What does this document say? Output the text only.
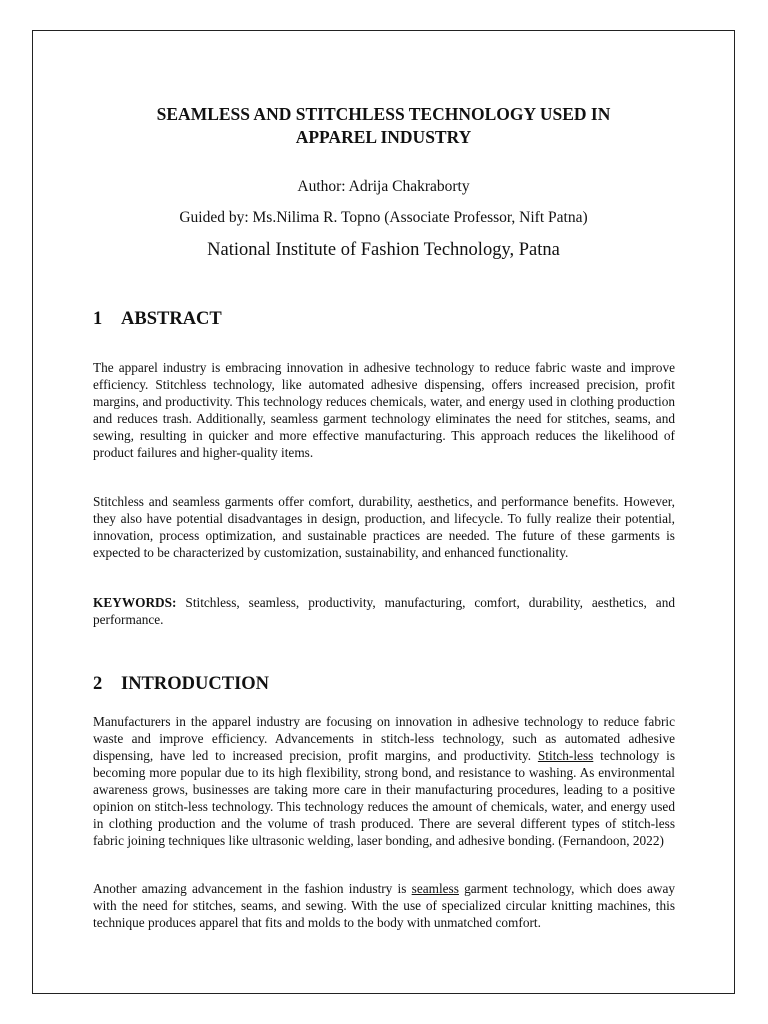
SEAMLESS AND STITCHLESS TECHNOLOGY USED IN
APPAREL INDUSTRY
Author: Adrija Chakraborty
Guided by: Ms.Nilima R. Topno (Associate Professor, Nift Patna)
National Institute of Fashion Technology, Patna
1 ABSTRACT

The apparel industry is embracing innovation in adhesive technology to reduce fabric waste and improve efficiency. Stitchless technology, like automated adhesive dispensing, offers increased precision, profit margins, and productivity. This technology reduces chemicals, water, and energy used in clothing production and reduces trash. Additionally, seamless garment technology eliminates the need for stitches, seams, and sewing, resulting in quicker and more effective manufacturing. This approach reduces the likelihood of product failures and higher-quality items.

Stitchless and seamless garments offer comfort, durability, aesthetics, and performance benefits. However, they also have potential disadvantages in design, production, and lifecycle. To fully realize their potential, innovation, process optimization, and sustainable practices are needed. The future of these garments is expected to be characterized by customization, sustainability, and enhanced functionality.

KEYWORDS: Stitchless, seamless, productivity, manufacturing, comfort, durability, aesthetics, and performance.

2 INTRODUCTION

Manufacturers in the apparel industry are focusing on innovation in adhesive technology to reduce fabric waste and improve efficiency. Advancements in stitch-less technology, such as automated adhesive dispensing, have led to increased precision, profit margins, and productivity. Stitch-less technology is becoming more popular due to its high flexibility, strong bond, and resistance to washing. As environmental awareness grows, businesses are taking more care in their manufacturing procedures, leading to a positive opinion on stitch-less technology. This technology reduces the amount of chemicals, water, and energy used in clothing production and the volume of trash produced. There are several different types of stitch-less fabric joining techniques like ultrasonic welding, laser bonding, and adhesive bonding. (Fernandoon, 2022)

Another amazing advancement in the fashion industry is seamless garment technology, which does away with the need for stitches, seams, and sewing. With the use of specialized circular knitting machines, this technique produces apparel that fits and molds to the body with unmatched comfort.
